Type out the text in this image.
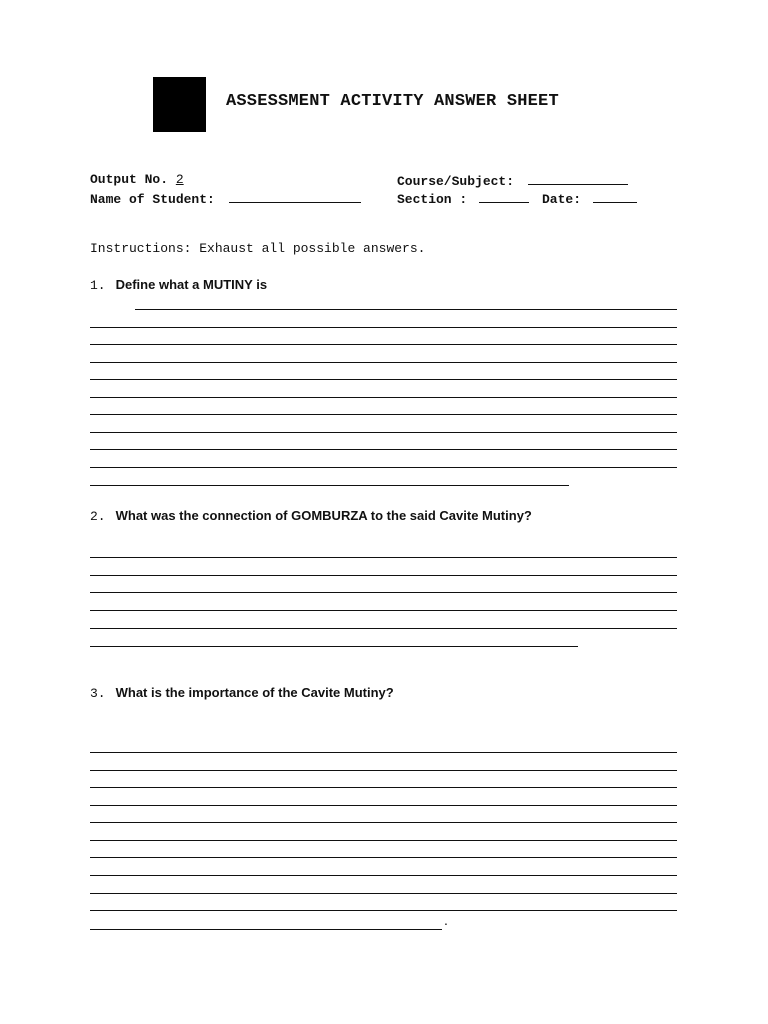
ASSESSMENT ACTIVITY ANSWER SHEET
Output No. 2	Course/Subject:
Name of Student:	Section :	Date:
Instructions: Exhaust all possible answers.
1. Define what a MUTINY is
2. What was the connection of GOMBURZA to the said Cavite Mutiny?
3. What is the importance of the Cavite Mutiny?
.
